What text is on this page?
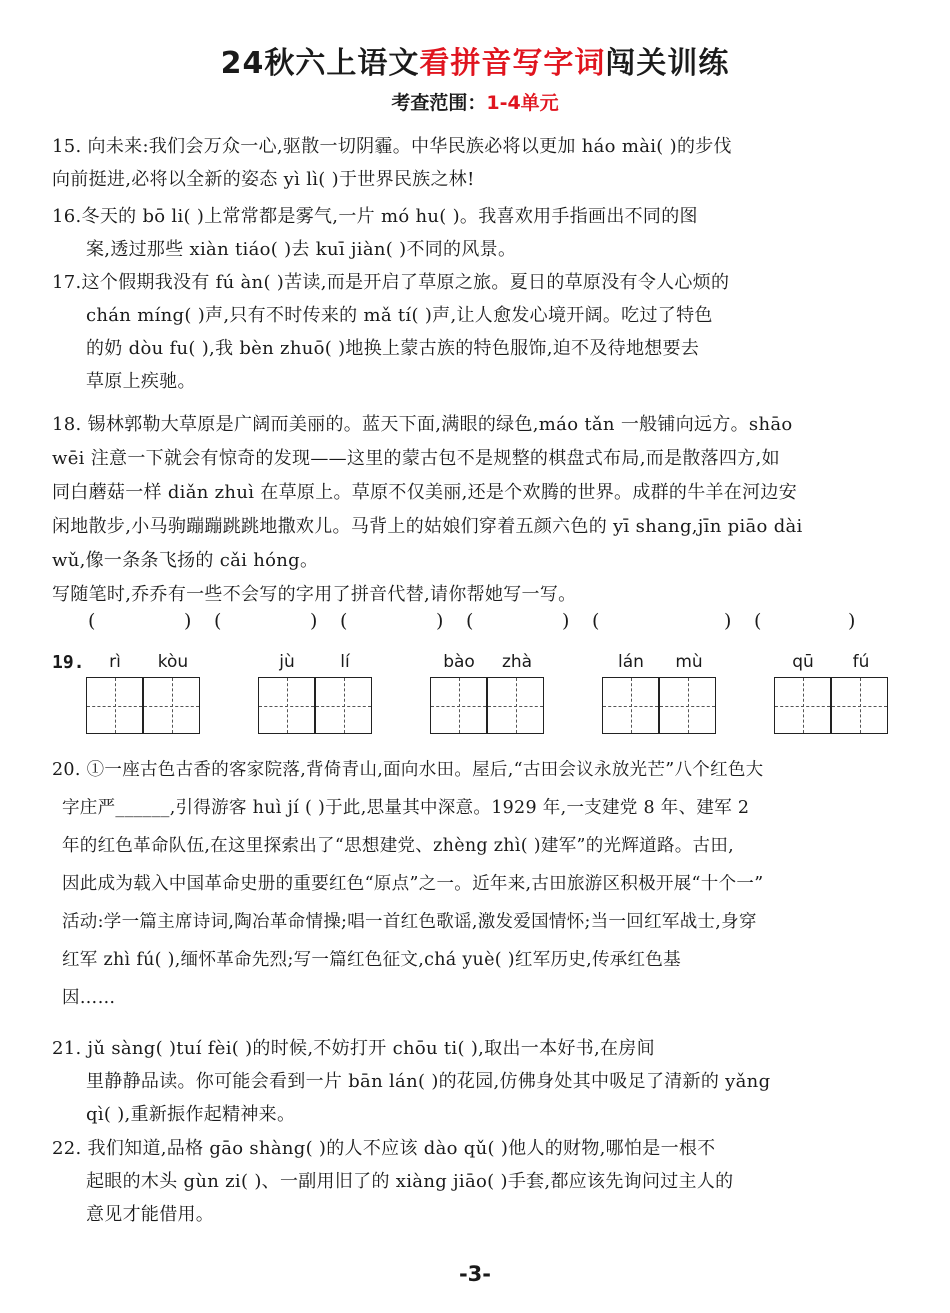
24秋六上语文看拼音写字词闯关训练
考查范围：1-4单元
15. 向未来:我们会万众一心,驱散一切阴霾。中华民族必将以更加 háo mài( )的步伐
向前挺进,必将以全新的姿态 yì lì( )于世界民族之林!
16.冬天的 bō li( )上常常都是雾气,一片 mó hu( )。我喜欢用手指画出不同的图
案,透过那些 xiàn tiáo( )去 kuī jiàn( )不同的风景。
17.这个假期我没有 fú àn( )苦读,而是开启了草原之旅。夏日的草原没有令人心烦的
chán míng( )声,只有不时传来的 mǎ tí( )声,让人愈发心境开阔。吃过了特色
的奶 dòu fu( ),我 bèn zhuō( )地换上蒙古族的特色服饰,迫不及待地想要去
草原上疾驰。
18. 锡林郭勒大草原是广阔而美丽的。蓝天下面,满眼的绿色,máo tǎn 一般铺向远方。shāo
wēi 注意一下就会有惊奇的发现——这里的蒙古包不是规整的棋盘式布局,而是散落四方,如
同白蘑菇一样 diǎn zhuì 在草原上。草原不仅美丽,还是个欢腾的世界。成群的牛羊在河边安
闲地散步,小马驹蹦蹦跳跳地撒欢儿。马背上的姑娘们穿着五颜六色的 yī shang,jīn piāo dài
wǔ,像一条条飞扬的 cǎi hóng。
写随笔时,乔乔有一些不会写的字用了拼音代替,请你帮她写一写。
(	) (	) (	) (	) (	) (	)
19.	rì	kòu	jù	lí	bào	zhà	lán	mù	qū	fú
20. ①一座古色古香的客家院落,背倚青山,面向水田。屋后,“古田会议永放光芒”八个红色大
字庄严______,引得游客 huì jí ( )于此,思量其中深意。1929 年,一支建党 8 年、建军 2
年的红色革命队伍,在这里探索出了“思想建党、zhèng zhì( )建军”的光辉道路。古田,
因此成为载入中国革命史册的重要红色“原点”之一。近年来,古田旅游区积极开展“十个一”
活动:学一篇主席诗词,陶冶革命情操;唱一首红色歌谣,激发爱国情怀;当一回红军战士,身穿
红军 zhì fú( ),缅怀革命先烈;写一篇红色征文,chá yuè( )红军历史,传承红色基
因……
21. jǔ sàng( )tuí fèi( )的时候,不妨打开 chōu ti( ),取出一本好书,在房间
里静静品读。你可能会看到一片 bān lán( )的花园,仿佛身处其中吸足了清新的 yǎng
qì( ),重新振作起精神来。
22. 我们知道,品格 gāo shàng( )的人不应该 dào qǔ( )他人的财物,哪怕是一根不
起眼的木头 gùn zi( )、一副用旧了的 xiàng jiāo( )手套,都应该先询问过主人的
意见才能借用。
-3-
